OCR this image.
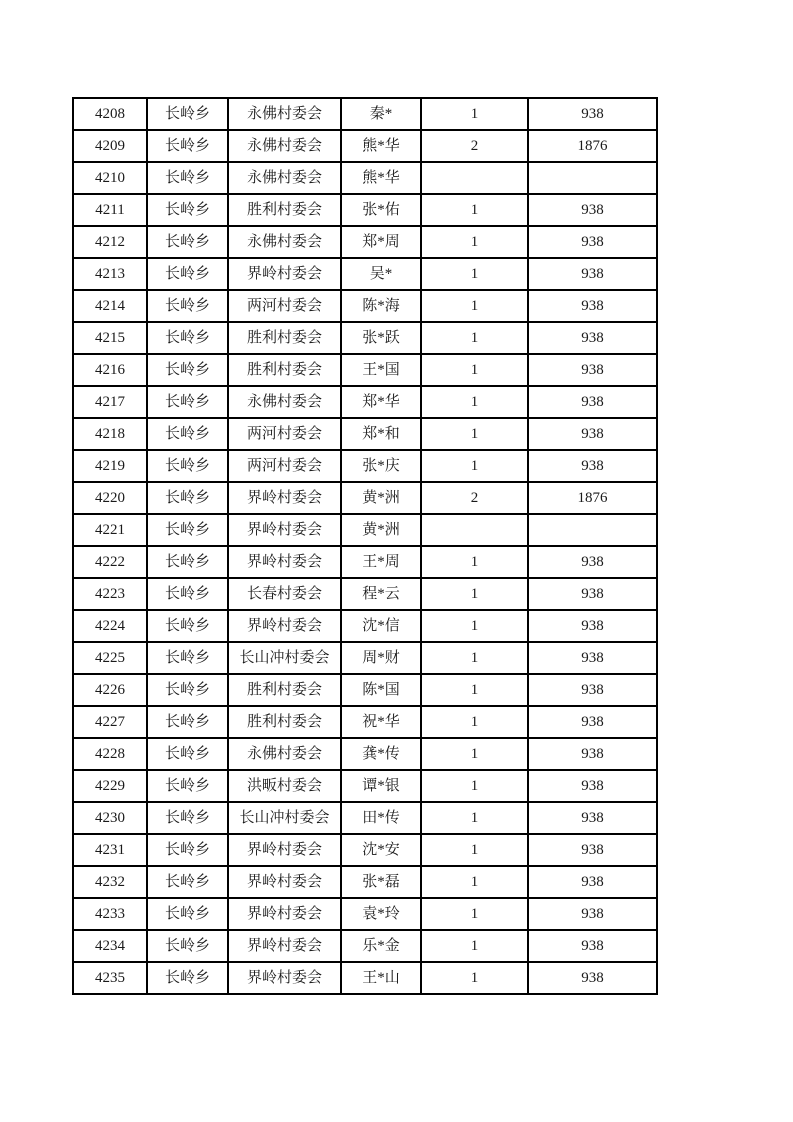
4208	长岭乡	永佛村委会	秦*	1	938
4209	长岭乡	永佛村委会	熊*华	2	1876
4210	长岭乡	永佛村委会	熊*华		
4211	长岭乡	胜利村委会	张*佑	1	938
4212	长岭乡	永佛村委会	郑*周	1	938
4213	长岭乡	界岭村委会	吴*	1	938
4214	长岭乡	两河村委会	陈*海	1	938
4215	长岭乡	胜利村委会	张*跃	1	938
4216	长岭乡	胜利村委会	王*国	1	938
4217	长岭乡	永佛村委会	郑*华	1	938
4218	长岭乡	两河村委会	郑*和	1	938
4219	长岭乡	两河村委会	张*庆	1	938
4220	长岭乡	界岭村委会	黄*洲	2	1876
4221	长岭乡	界岭村委会	黄*洲		
4222	长岭乡	界岭村委会	王*周	1	938
4223	长岭乡	长春村委会	程*云	1	938
4224	长岭乡	界岭村委会	沈*信	1	938
4225	长岭乡	长山冲村委会	周*财	1	938
4226	长岭乡	胜利村委会	陈*国	1	938
4227	长岭乡	胜利村委会	祝*华	1	938
4228	长岭乡	永佛村委会	龚*传	1	938
4229	长岭乡	洪畈村委会	谭*银	1	938
4230	长岭乡	长山冲村委会	田*传	1	938
4231	长岭乡	界岭村委会	沈*安	1	938
4232	长岭乡	界岭村委会	张*磊	1	938
4233	长岭乡	界岭村委会	袁*玲	1	938
4234	长岭乡	界岭村委会	乐*金	1	938
4235	长岭乡	界岭村委会	王*山	1	938
